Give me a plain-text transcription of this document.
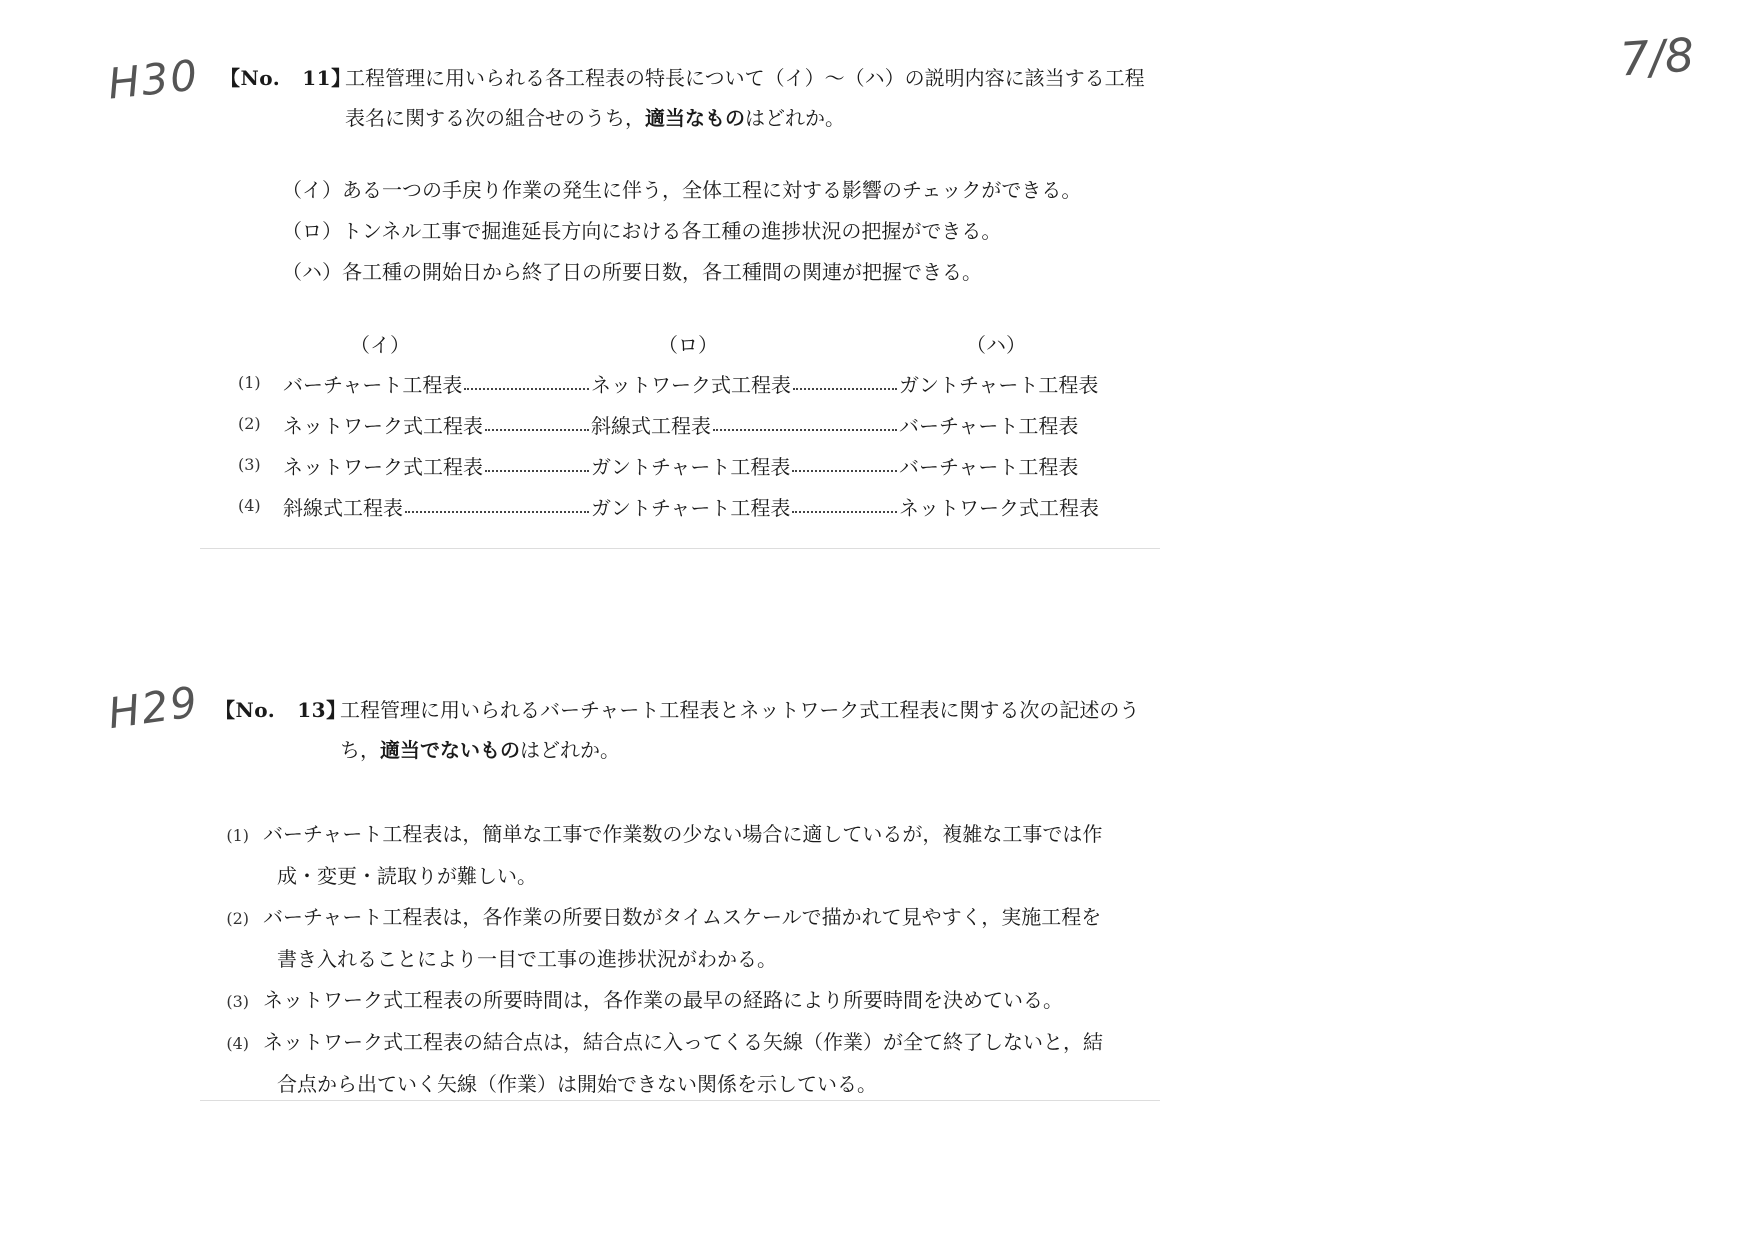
H30
H29
7/8
【No. 11】
工程管理に用いられる各工程表の特長について（イ）～（ハ）の説明内容に該当する工程表名に関する次の組合せのうち，適当なものはどれか。
（イ）ある一つの手戻り作業の発生に伴う，全体工程に対する影響のチェックができる。
（ロ）トンネル工事で掘進延長方向における各工種の進捗状況の把握ができる。
（ハ）各工種の開始日から終了日の所要日数，各工種間の関連が把握できる。
（イ）	（ロ）	（ハ）
(1) バーチャート工程表	ネットワーク式工程表	ガントチャート工程表
(2) ネットワーク式工程表	斜線式工程表	バーチャート工程表
(3) ネットワーク式工程表	ガントチャート工程表	バーチャート工程表
(4) 斜線式工程表	ガントチャート工程表	ネットワーク式工程表
【No. 13】
工程管理に用いられるバーチャート工程表とネットワーク式工程表に関する次の記述のうち，適当でないものはどれか。
(1) バーチャート工程表は，簡単な工事で作業数の少ない場合に適しているが，複雑な工事では作
成・変更・読取りが難しい。
(2) バーチャート工程表は，各作業の所要日数がタイムスケールで描かれて見やすく，実施工程を
書き入れることにより一目で工事の進捗状況がわかる。
(3) ネットワーク式工程表の所要時間は，各作業の最早の経路により所要時間を決めている。
(4) ネットワーク式工程表の結合点は，結合点に入ってくる矢線（作業）が全て終了しないと，結
合点から出ていく矢線（作業）は開始できない関係を示している。
